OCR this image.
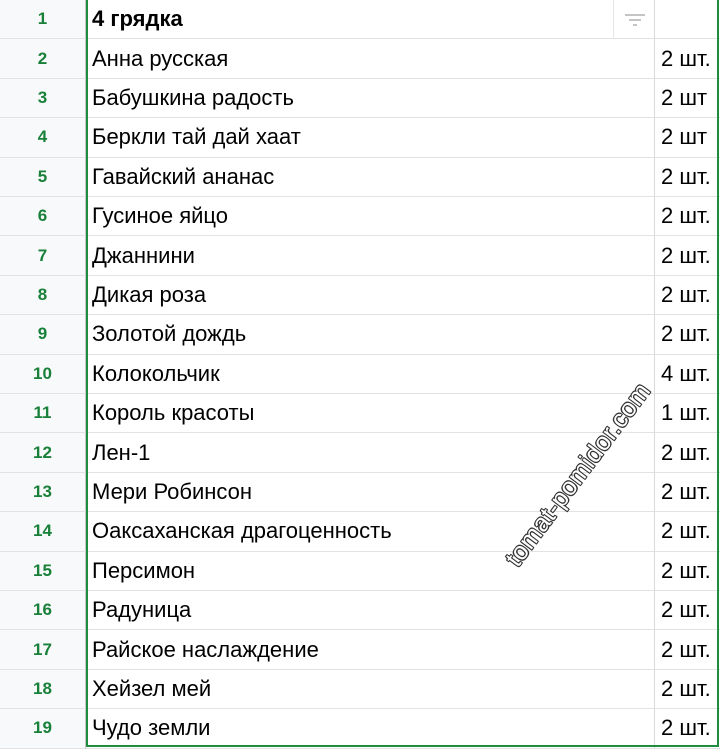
1	4 грядка
2	Анна русская	2 шт.
3	Бабушкина радость	2 шт
4	Беркли тай дай хаат	2 шт
5	Гавайский ананас	2 шт.
6	Гусиное яйцо	2 шт.
7	Джаннини	2 шт.
8	Дикая роза	2 шт.
9	Золотой дождь	2 шт.
10	Колокольчик	4 шт.
11	Король красоты	1 шт.
12	Лен-1	2 шт.
13	Мери Робинсон	2 шт.
14	Оаксаханская драгоценность	2 шт.
15	Персимон	2 шт.
16	Радуница	2 шт.
17	Райское наслаждение	2 шт.
18	Хейзел мей	2 шт.
19	Чудо земли	2 шт.
tomat-pomidor.com
